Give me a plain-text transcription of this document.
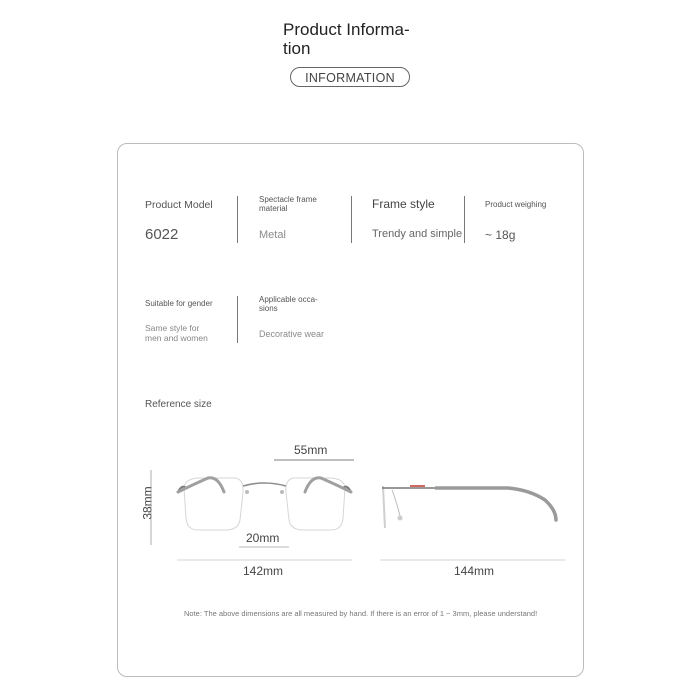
Product Informa-
tion
INFORMATION
Product Model
6022
Spectacle frame
material
Metal
Frame style
Trendy and simple
Product weighing
~ 18g
Suitable for gender
Same style for
men and women
Applicable occa-
sions
Decorative wear
Reference size
55mm
38mm
20mm
142mm	144mm
Note: The above dimensions are all measured by hand. If there is an error of 1 ~ 3mm, please understand!
